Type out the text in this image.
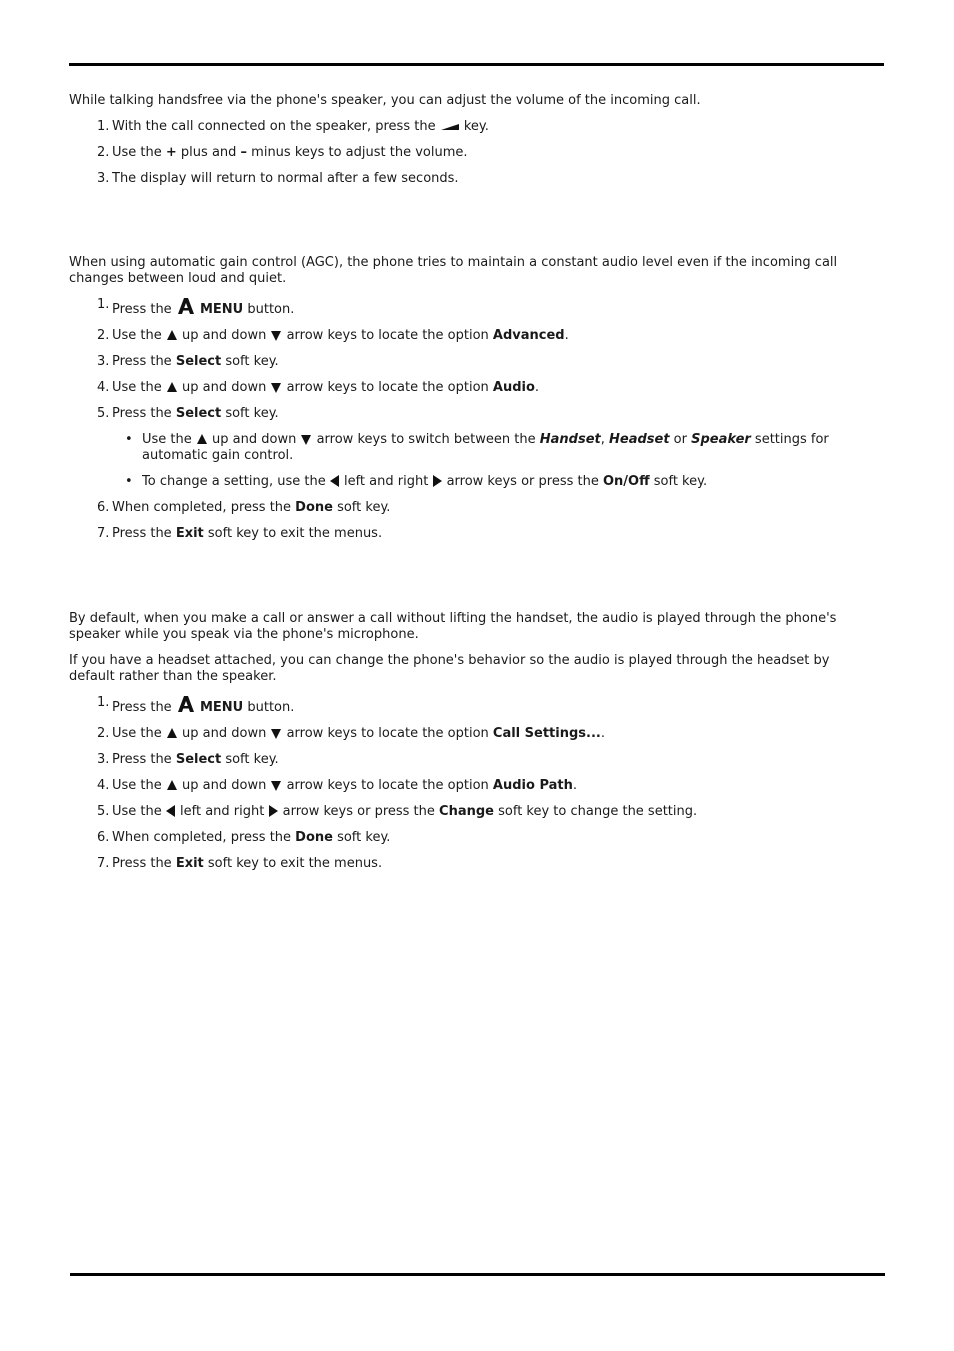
While talking handsfree via the phone's speaker, you can adjust the volume of the incoming call.

1. With the call connected on the speaker, press the  key.
2. Use the + plus and – minus keys to adjust the volume.
3. The display will return to normal after a few seconds.

When using automatic gain control (AGC), the phone tries to maintain a constant audio level even if the incoming call changes between loud and quiet.

1. Press the  MENU button.
2. Use the  up and down  arrow keys to locate the option Advanced.
3. Press the Select soft key.
4. Use the  up and down  arrow keys to locate the option Audio.
5. Press the Select soft key.
• Use the  up and down  arrow keys to switch between the Handset, Headset or Speaker settings for automatic gain control.
• To change a setting, use the  left and right  arrow keys or press the On/Off soft key.
6. When completed, press the Done soft key.
7. Press the Exit soft key to exit the menus.

By default, when you make a call or answer a call without lifting the handset, the audio is played through the phone's speaker while you speak via the phone's microphone.

If you have a headset attached, you can change the phone's behavior so the audio is played through the headset by default rather than the speaker.

1. Press the  MENU button.
2. Use the  up and down  arrow keys to locate the option Call Settings....
3. Press the Select soft key.
4. Use the  up and down  arrow keys to locate the option Audio Path.
5. Use the  left and right  arrow keys or press the Change soft key to change the setting.
6. When completed, press the Done soft key.
7. Press the Exit soft key to exit the menus.
